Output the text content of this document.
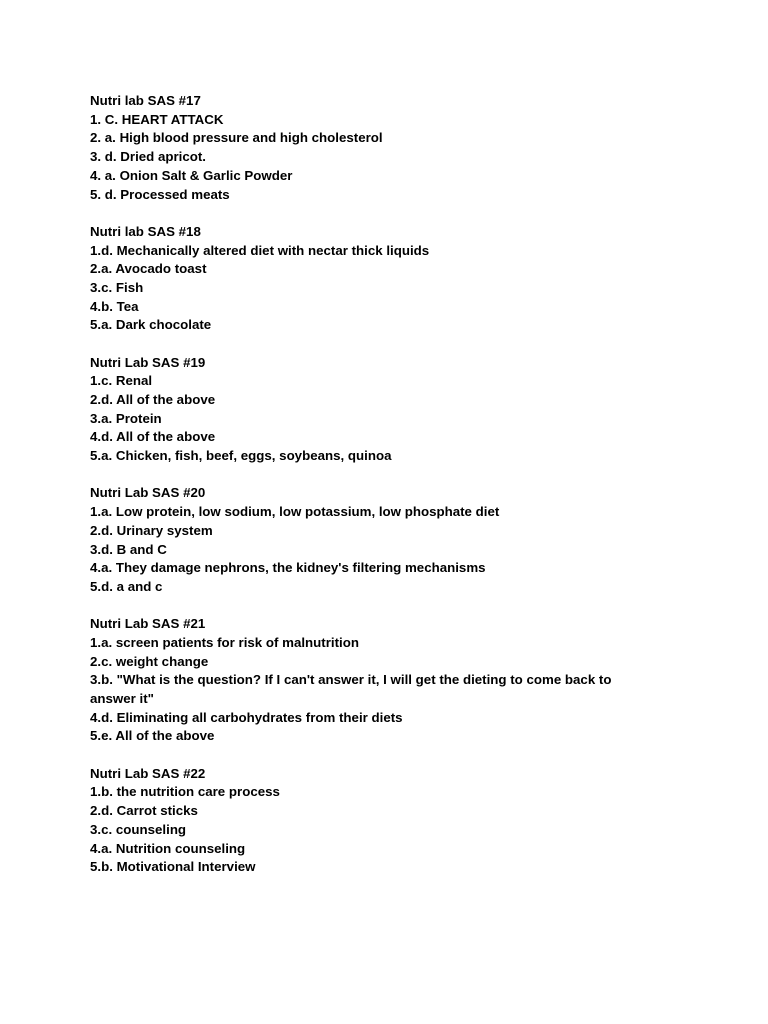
Nutri lab SAS #17

1. C. HEART ATTACK

2. a. High blood pressure and high cholesterol

3. d. Dried apricot.

4. a. Onion Salt & Garlic Powder

5. d. Processed meats

Nutri lab SAS #18

1.d. Mechanically altered diet with nectar thick liquids

2.a. Avocado toast

3.c. Fish

4.b. Tea

5.a. Dark chocolate

Nutri Lab SAS #19

1.c. Renal

2.d. All of the above

3.a. Protein

4.d. All of the above

5.a. Chicken, fish, beef, eggs, soybeans, quinoa

Nutri Lab SAS #20

1.a. Low protein, low sodium, low potassium, low phosphate diet

2.d. Urinary system

3.d. B and C

4.a. They damage nephrons, the kidney's filtering mechanisms

5.d. a and c

Nutri Lab SAS #21

1.a. screen patients for risk of malnutrition

2.c. weight change

3.b. "What is the question? If I can't answer it, I will get the dieting to come back to answer it"

4.d. Eliminating all carbohydrates from their diets

5.e. All of the above

Nutri Lab SAS #22

1.b. the nutrition care process

2.d. Carrot sticks

3.c. counseling

4.a. Nutrition counseling

5.b. Motivational Interview
